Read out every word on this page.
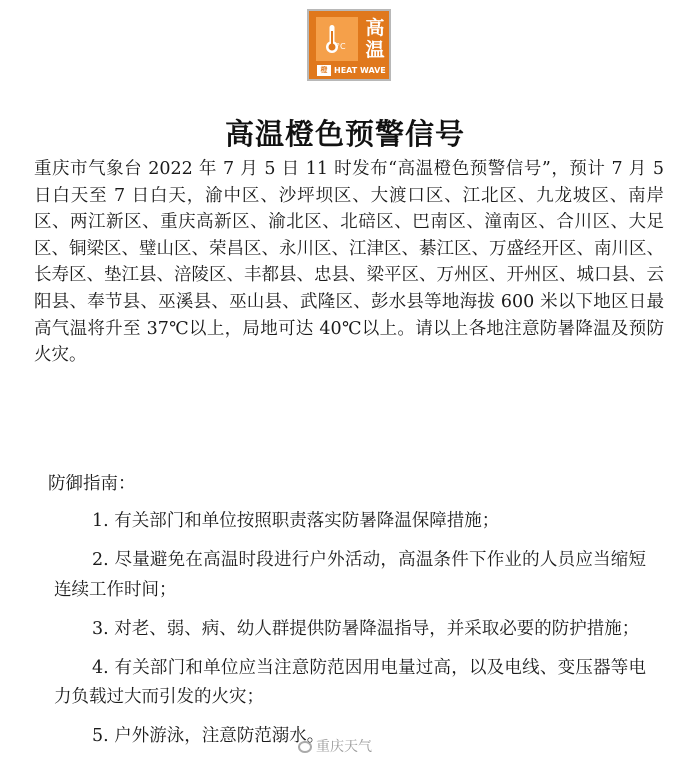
°C
高
温
橙 HEAT WAVE
高温橙色预警信号

重庆市气象台 2022 年 7 月 5 日 11 时发布“高温橙色预警信号”，预计 7 月 5 日白天至 7 日白天，渝中区、沙坪坝区、大渡口区、江北区、九龙坡区、南岸区、两江新区、重庆高新区、渝北区、北碚区、巴南区、潼南区、合川区、大足区、铜梁区、璧山区、荣昌区、永川区、江津区、綦江区、万盛经开区、南川区、长寿区、垫江县、涪陵区、丰都县、忠县、梁平区、万州区、开州区、城口县、云阳县、奉节县、巫溪县、巫山县、武隆区、彭水县等地海拔 600 米以下地区日最高气温将升至 37℃以上，局地可达 40℃以上。请以上各地注意防暑降温及预防火灾。

防御指南：

1. 有关部门和单位按照职责落实防暑降温保障措施；
2. 尽量避免在高温时段进行户外活动，高温条件下作业的人员应当缩短连续工作时间；
3. 对老、弱、病、幼人群提供防暑降温指导，并采取必要的防护措施；
4. 有关部门和单位应当注意防范因用电量过高，以及电线、变压器等电力负载过大而引发的火灾；
5. 户外游泳，注意防范溺水。
重庆天气
